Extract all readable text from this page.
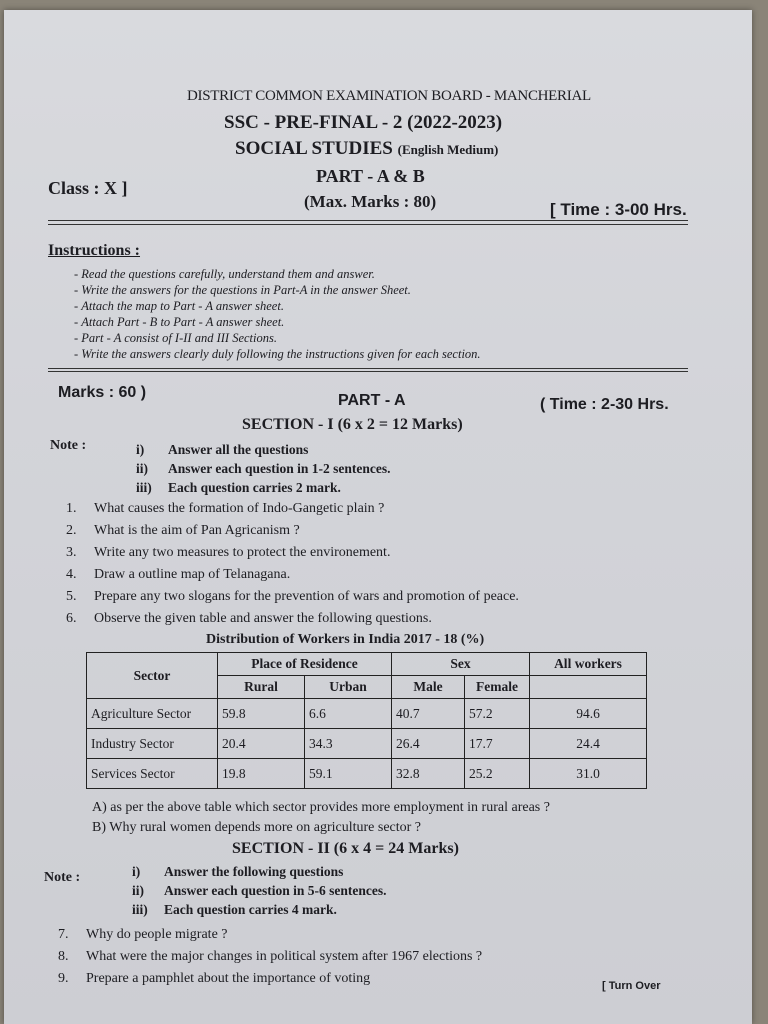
DISTRICT COMMON EXAMINATION BOARD - MANCHERIAL
SSC - PRE-FINAL - 2 (2022-2023)
SOCIAL STUDIES (English Medium)
PART - A & B
Class : X ]
(Max. Marks : 80)	[ Time : 3-00 Hrs.
Instructions :
- Read the questions carefully, understand them and answer.
- Write the answers for the questions in Part-A in the answer Sheet.
- Attach the map to Part - A answer sheet.
- Attach Part - B to Part - A answer sheet.
- Part - A consist of I-II and III Sections.
- Write the answers clearly duly following the instructions given for each section.
Marks : 60 )	PART - A	( Time : 2-30 Hrs.
SECTION - I (6 x 2 = 12 Marks)
Note :	i) Answer all the questions
ii) Answer each question in 1-2 sentences.
iii) Each question carries 2 mark.
1. What causes the formation of Indo-Gangetic plain ?
2. What is the aim of Pan Agricanism ?
3. Write any two measures to protect the environement.
4. Draw a outline map of Telanagana.
5. Prepare any two slogans for the prevention of wars and promotion of peace.
6. Observe the given table and answer the following questions.
Distribution of Workers in India 2017 - 18 (%)
Sector	Place of Residence		Sex		All workers
	Rural	Urban	Male	Female	
Agriculture Sector	59.8	6.6	40.7	57.2	94.6
Industry Sector	20.4	34.3	26.4	17.7	24.4
Services Sector	19.8	59.1	32.8	25.2	31.0
A) as per the above table which sector provides more employment in rural areas ?
B) Why rural women depends more on agriculture sector ?
SECTION - II (6 x 4 = 24 Marks)
Note :	i) Answer the following questions
ii) Answer each question in 5-6 sentences.
iii) Each question carries 4 mark.
7. Why do people migrate ?
8. What were the major changes in political system after 1967 elections ?
9. Prepare a pamphlet about the importance of voting	[ Turn Over
